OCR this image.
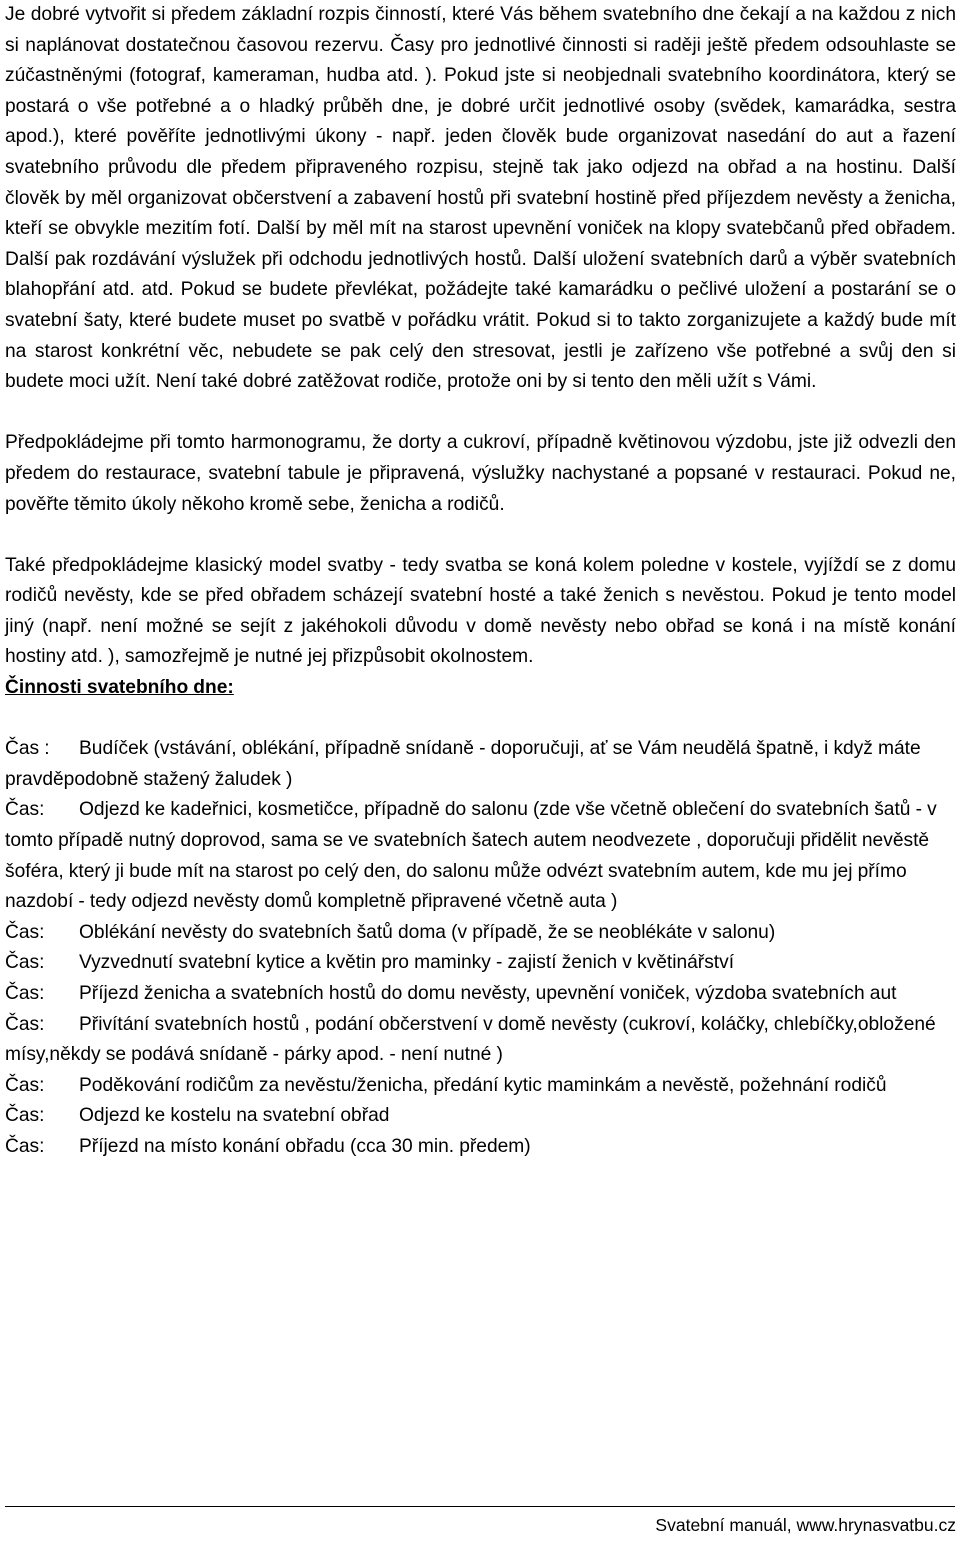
Je dobré vytvořit si předem základní rozpis činností, které Vás během svatebního dne čekají a na každou z nich si naplánovat dostatečnou časovou rezervu. Časy pro jednotlivé činnosti si raději ještě předem odsouhlaste se zúčastněnými (fotograf, kameraman, hudba atd. ). Pokud jste si neobjednali svatebního koordinátora, který se postará o vše potřebné a o hladký průběh dne, je dobré určit jednotlivé osoby (svědek, kamarádka, sestra apod.), které pověříte jednotlivými úkony - např. jeden člověk bude organizovat nasedání do aut a řazení svatebního průvodu dle předem připraveného rozpisu, stejně tak jako odjezd na obřad a na hostinu. Další člověk by měl organizovat občerstvení a zabavení hostů při svatební hostině před příjezdem nevěsty a ženicha, kteří se obvykle mezitím fotí. Další by měl mít na starost upevnění voniček na klopy svatebčanů před obřadem. Další pak rozdávání výslužek při odchodu jednotlivých hostů. Další uložení svatebních darů a výběr svatebních blahopřání atd. atd. Pokud se budete převlékat, požádejte také kamarádku o pečlivé uložení a postarání se o svatební šaty, které budete muset po svatbě v pořádku vrátit. Pokud si to takto zorganizujete a každý bude mít na starost konkrétní věc, nebudete se pak celý den stresovat, jestli je zařízeno vše potřebné a svůj den si budete moci užít. Není také dobré zatěžovat rodiče, protože oni by si tento den měli užít s Vámi.

Předpokládejme při tomto harmonogramu, že dorty a cukroví, případně květinovou výzdobu, jste již odvezli den předem do restaurace, svatební tabule je připravená, výslužky nachystané a popsané v restauraci. Pokud ne, pověřte těmito úkoly někoho kromě sebe, ženicha a rodičů.

Také předpokládejme klasický model svatby - tedy svatba se koná kolem poledne v kostele, vyjíždí se z domu rodičů nevěsty, kde se před obřadem scházejí svatební hosté a také ženich s nevěstou. Pokud je tento model jiný (např. není možné se sejít z jakéhokoli důvodu v domě nevěsty nebo obřad se koná i na místě konání hostiny atd. ), samozřejmě je nutné jej přizpůsobit okolnostem.

Činnosti svatebního dne:

Čas : Budíček (vstávání, oblékání, případně snídaně - doporučuji, ať se Vám neudělá špatně, i když máte pravděpodobně stažený žaludek )

Čas: Odjezd ke kadeřnici, kosmetičce, případně do salonu (zde vše včetně oblečení do svatebních šatů - v tomto případě nutný doprovod, sama se ve svatebních šatech autem neodvezete , doporučuji přidělit nevěstě šoféra, který ji bude mít na starost po celý den, do salonu může odvézt svatebním autem, kde mu jej přímo nazdobí - tedy odjezd nevěsty domů kompletně připravené včetně auta )

Čas: Oblékání nevěsty do svatebních šatů doma (v případě, že se neoblékáte v salonu)

Čas: Vyzvednutí svatební kytice a květin pro maminky - zajistí ženich v květinářství

Čas: Příjezd ženicha a svatebních hostů do domu nevěsty, upevnění voniček, výzdoba svatebních aut

Čas: Přivítání svatebních hostů , podání občerstvení v domě nevěsty (cukroví, koláčky, chlebíčky,obložené mísy,někdy se podává snídaně - párky apod. - není nutné )

Čas: Poděkování rodičům za nevěstu/ženicha, předání kytic maminkám a nevěstě, požehnání rodičů

Čas: Odjezd ke kostelu na svatební obřad

Čas: Příjezd na místo konání obřadu (cca 30 min. předem)

Svatební manuál, www.hrynasvatbu.cz
